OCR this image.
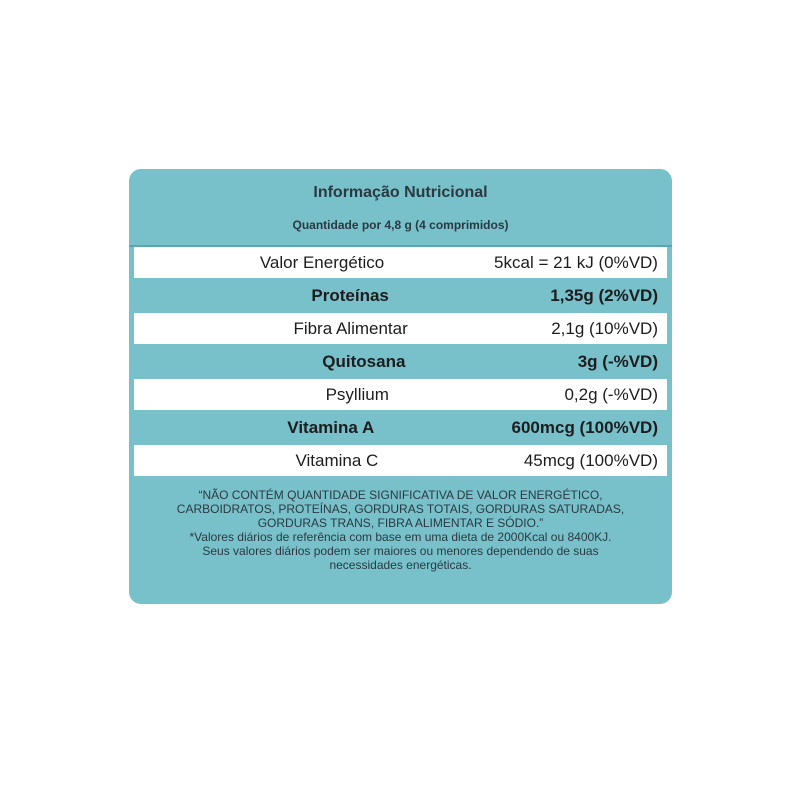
Informação Nutricional
Quantidade por 4,8 g (4 comprimidos)
Valor Energético	5kcal = 21 kJ (0%VD)
Proteínas	1,35g (2%VD)
Fibra Alimentar	2,1g (10%VD)
Quitosana	3g (-%VD)
Psyllium	0,2g (-%VD)
Vitamina A	600mcg (100%VD)
Vitamina C	45mcg (100%VD)

“NÃO CONTÉM QUANTIDADE SIGNIFICATIVA DE VALOR ENERGÉTICO,

CARBOIDRATOS, PROTEÍNAS, GORDURAS TOTAIS, GORDURAS SATURADAS,

GORDURAS TRANS, FIBRA ALIMENTAR E SÓDIO.”

*Valores diários de referência com base em uma dieta de 2000Kcal ou 8400KJ.

Seus valores diários podem ser maiores ou menores dependendo de suas

necessidades energéticas.
